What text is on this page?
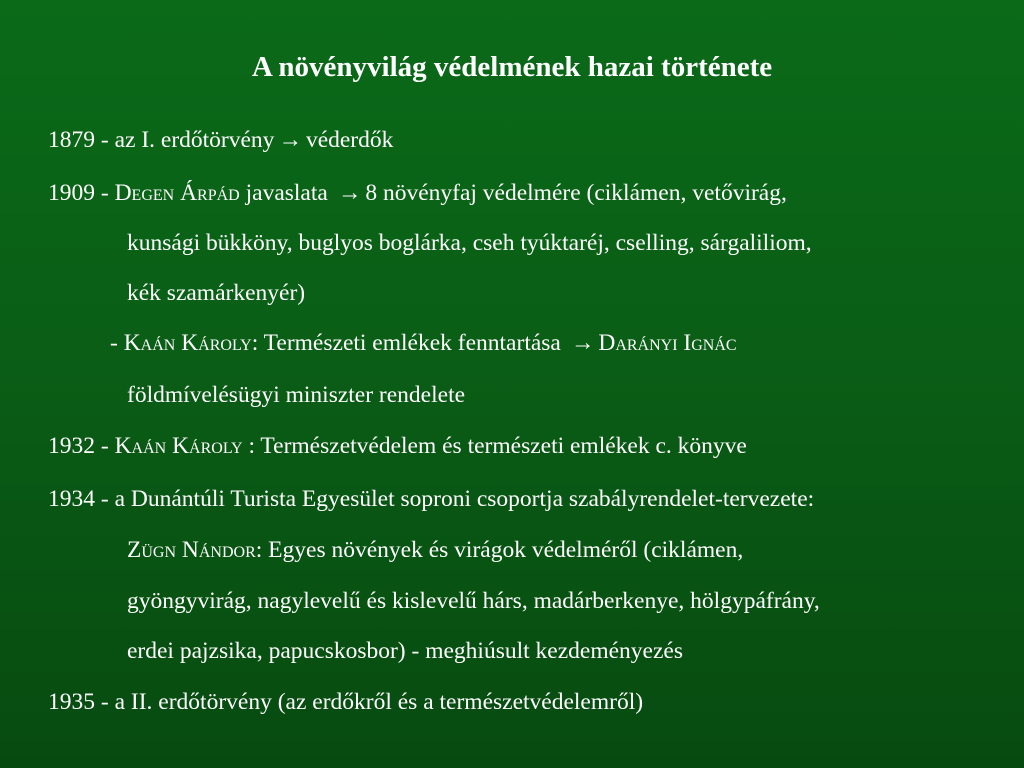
A növényvilág védelmének hazai története
1879 - az I. erdőtörvény → véderdők
1909 - Degen Árpád javaslata → 8 növényfaj védelmére (ciklámen, vetővirág,
kunsági bükköny, buglyos boglárka, cseh tyúktaréj, cselling, sárgaliliom,
kék szamárkenyér)
- Kaán Károly: Természeti emlékek fenntartása → Darányi Ignác
földmívelésügyi miniszter rendelete
1932 - Kaán Károly : Természetvédelem és természeti emlékek c. könyve
1934 - a Dunántúli Turista Egyesület soproni csoportja szabályrendelet-tervezete:
Zügn Nándor: Egyes növények és virágok védelméről (ciklámen,
gyöngyvirág, nagylevelű és kislevelű hárs, madárberkenye, hölgypáfrány,
erdei pajzsika, papucskosbor) - meghiúsult kezdeményezés
1935 - a II. erdőtörvény (az erdőkről és a természetvédelemről)
